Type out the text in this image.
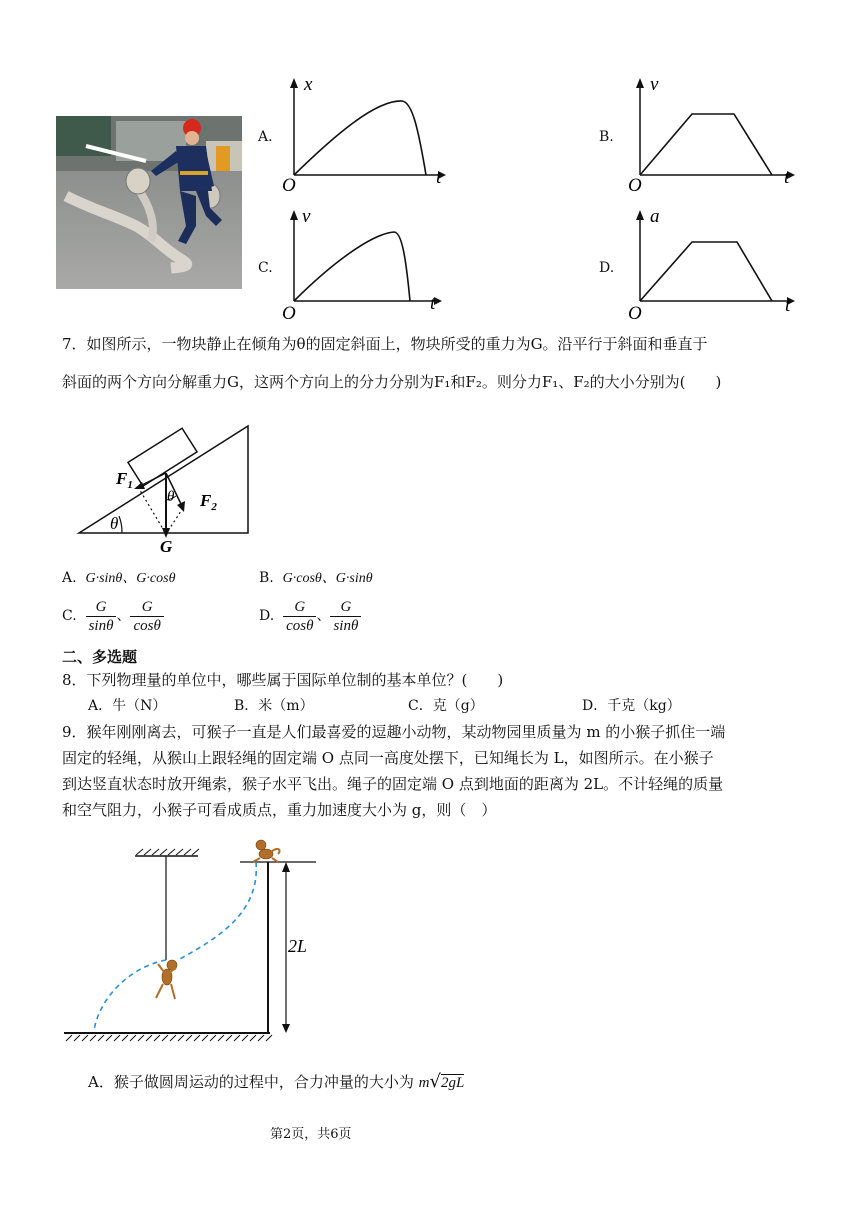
A.
x
t
O
B.
v
t
O
C.
v
t
O
D.
a
t
O
7．如图所示，一物块静止在倾角为θ的固定斜面上，物块所受的重力为G。沿平行于斜面和垂直于
斜面的两个方向分解重力G，这两个方向上的分力分别为F₁和F₂。则分力F₁、F₂的大小分别为(　　)
$F_1$
$F_2$
θ
θ
G
A. G·sinθ、G·cosθ	B. G·cosθ、G·sinθ
C. $\frac{G}{\sin\theta}$ 、 $\frac{G}{\cos\theta}$	D. $\frac{G}{\cos\theta}$ 、 $\frac{G}{\sin\theta}$
二、多选题
8．下列物理量的单位中，哪些属于国际单位制的基本单位？(　　)
A．牛（N）	B．米（m）	C．克（g）	D．千克（kg）
9．猴年刚刚离去，可猴子一直是人们最喜爱的逗趣小动物，某动物园里质量为 m 的小猴子抓住一端
固定的轻绳，从猴山上跟轻绳的固定端 O 点同一高度处摆下，已知绳长为 L，如图所示。在小猴子
到达竖直状态时放开绳索，猴子水平飞出。绳子的固定端 O 点到地面的距离为 2L。不计轻绳的质量
和空气阻力，小猴子可看成质点，重力加速度大小为 g，则（　）
2L
A．猴子做圆周运动的过程中，合力冲量的大小为 m√2gL
第2页，共6页
